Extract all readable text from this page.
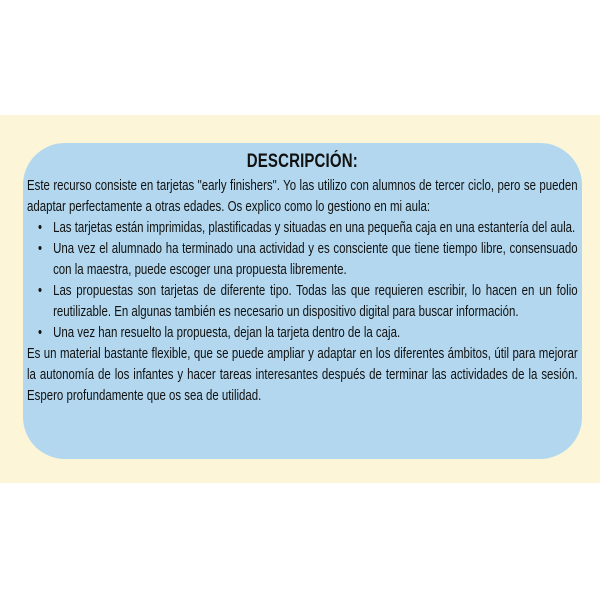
DESCRIPCIÓN:

Este recurso consiste en tarjetas "early finishers". Yo las utilizo con alumnos de tercer ciclo, pero se pueden adaptar perfectamente a otras edades. Os explico como lo gestiono en mi aula:

• Las tarjetas están imprimidas, plastificadas y situadas en una pequeña caja en una estantería del aula.
• Una vez el alumnado ha terminado una actividad y es consciente que tiene tiempo libre, consensuado con la maestra, puede escoger una propuesta libremente.
• Las propuestas son tarjetas de diferente tipo. Todas las que requieren escribir, lo hacen en un folio reutilizable. En algunas también es necesario un dispositivo digital para buscar información.
• Una vez han resuelto la propuesta, dejan la tarjeta dentro de la caja.

Es un material bastante flexible, que se puede ampliar y adaptar en los diferentes ámbitos, útil para mejorar la autonomía de los infantes y hacer tareas interesantes después de terminar las actividades de la sesión. Espero profundamente que os sea de utilidad.
